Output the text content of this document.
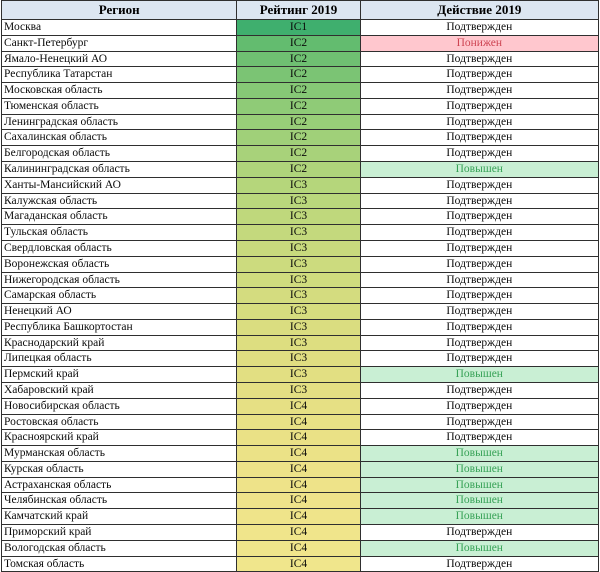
Регион	Рейтинг 2019	Действие 2019
Москва	IC1	Подтвержден
Санкт-Петербург	IC2	Понижен
Ямало-Ненецкий АО	IC2	Подтвержден
Республика Татарстан	IC2	Подтвержден
Московская область	IC2	Подтвержден
Тюменская область	IC2	Подтвержден
Ленинградская область	IC2	Подтвержден
Сахалинская область	IC2	Подтвержден
Белгородская область	IC2	Подтвержден
Калининградская область	IC2	Повышен
Ханты-Мансийский АО	IC3	Подтвержден
Калужская область	IC3	Подтвержден
Магаданская область	IC3	Подтвержден
Тульская область	IC3	Подтвержден
Свердловская область	IC3	Подтвержден
Воронежская область	IC3	Подтвержден
Нижегородская область	IC3	Подтвержден
Самарская область	IC3	Подтвержден
Ненецкий АО	IC3	Подтвержден
Республика Башкортостан	IC3	Подтвержден
Краснодарский край	IC3	Подтвержден
Липецкая область	IC3	Подтвержден
Пермский край	IC3	Повышен
Хабаровский край	IC3	Подтвержден
Новосибирская область	IC4	Подтвержден
Ростовская область	IC4	Подтвержден
Красноярский край	IC4	Подтвержден
Мурманская область	IC4	Повышен
Курская область	IC4	Повышен
Астраханская область	IC4	Повышен
Челябинская область	IC4	Повышен
Камчатский край	IC4	Повышен
Приморский край	IC4	Подтвержден
Вологодская область	IC4	Повышен
Томская область	IC4	Подтвержден
